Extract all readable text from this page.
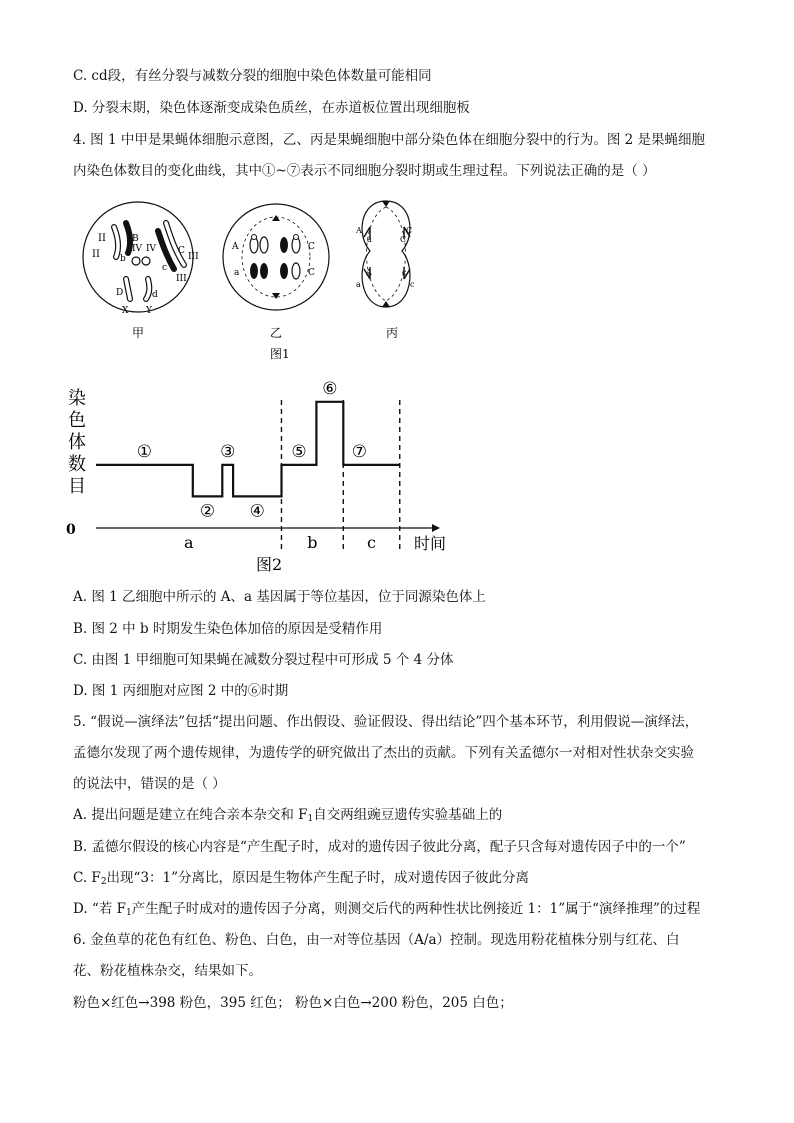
C. cd段，有丝分裂与减数分裂的细胞中染色体数量可能相同
D. 分裂末期，染色体逐渐变成染色质丝，在赤道板位置出现细胞板
4. 图 1 中甲是果蝇体细胞示意图，乙、丙是果蝇细胞中部分染色体在细胞分裂中的行为。图 2 是果蝇细胞
内染色体数目的变化曲线，其中①~⑦表示不同细胞分裂时期或生理过程。下列说法正确的是（ ）
II
II
b
B
IV IV
c
C
III
III
D	d
X Y
A
a
C
C
A
a
C
C
A
a
c
c
甲	乙	丙
图1
染
色
体
数
目
0
①
②
③
④
⑤
⑥
⑦
a	b	c 时间
图2
A. 图 1 乙细胞中所示的 A、a 基因属于等位基因，位于同源染色体上
B. 图 2 中 b 时期发生染色体加倍的原因是受精作用
C. 由图 1 甲细胞可知果蝇在减数分裂过程中可形成 5 个 4 分体
D. 图 1 丙细胞对应图 2 中的⑥时期
5. “假说—演绎法”包括“提出问题、作出假设、验证假设、得出结论”四个基本环节，利用假说—演绎法，
孟德尔发现了两个遗传规律，为遗传学的研究做出了杰出的贡献。下列有关孟德尔一对相对性状杂交实验
的说法中，错误的是（ ）
A. 提出问题是建立在纯合亲本杂交和 $F_1$自交两组豌豆遗传实验基础上的
B. 孟德尔假设的核心内容是“产生配子时，成对的遗传因子彼此分离，配子只含每对遗传因子中的一个”
C. $F_2$出现“3：1”分离比，原因是生物体产生配子时，成对遗传因子彼此分离
D. “若 $F_1$产生配子时成对的遗传因子分离，则测交后代的两种性状比例接近 1：1”属于“演绎推理”的过程
6. 金鱼草的花色有红色、粉色、白色，由一对等位基因（A/a）控制。现选用粉花植株分别与红花、白
花、粉花植株杂交，结果如下。
粉色×红色→398 粉色，395 红色； 粉色×白色→200 粉色，205 白色；
